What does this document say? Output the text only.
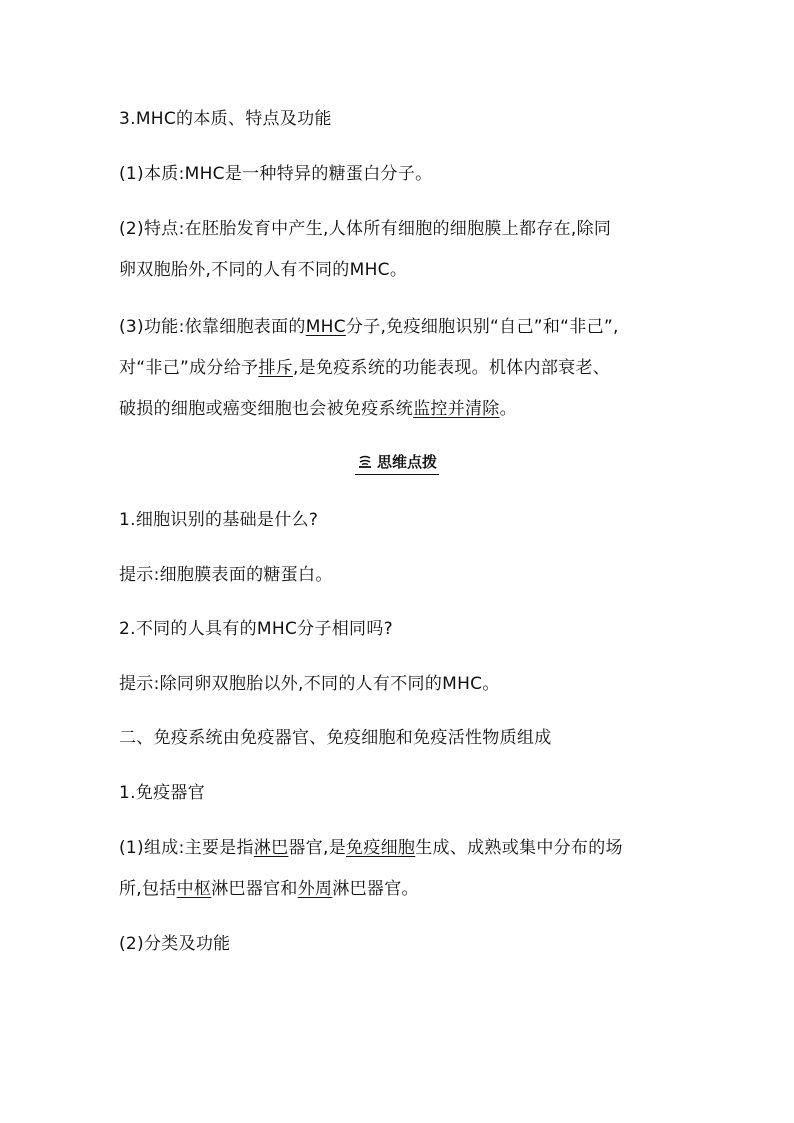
3.MHC的本质、特点及功能
(1)本质:MHC是一种特异的糖蛋白分子。
(2)特点:在胚胎发育中产生,人体所有细胞的细胞膜上都存在,除同
卵双胞胎外,不同的人有不同的MHC。
(3)功能:依靠细胞表面的MHC分子,免疫细胞识别“自己”和“非己”,
对“非己”成分给予排斥,是免疫系统的功能表现。机体内部衰老、
破损的细胞或癌变细胞也会被免疫系统监控并清除。
思维点拨
1.细胞识别的基础是什么?
提示:细胞膜表面的糖蛋白。
2.不同的人具有的MHC分子相同吗?
提示:除同卵双胞胎以外,不同的人有不同的MHC。
二、免疫系统由免疫器官、免疫细胞和免疫活性物质组成
1.免疫器官
(1)组成:主要是指淋巴器官,是免疫细胞生成、成熟或集中分布的场
所,包括中枢淋巴器官和外周淋巴器官。
(2)分类及功能
